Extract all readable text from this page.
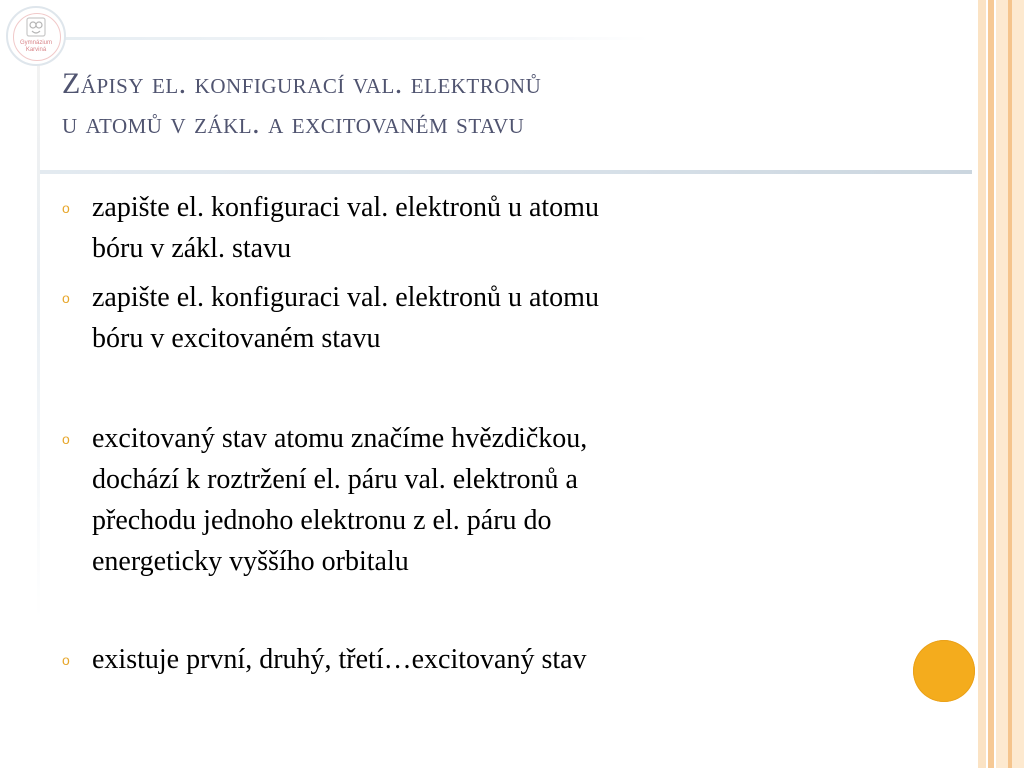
Gymnázium
Karviná
Zápisy el. konfigurací val. elektronů
u atomů v zákl. a excitovaném stavu
o zapište el. konfiguraci val. elektronů u atomu
bóru v zákl. stavu
o zapište el. konfiguraci val. elektronů u atomu
bóru v excitovaném stavu
o excitovaný stav atomu značíme hvězdičkou,
dochází k roztržení el. páru val. elektronů a
přechodu jednoho elektronu z el. páru do
energeticky vyššího orbitalu
o existuje první, druhý, třetí…excitovaný stav
